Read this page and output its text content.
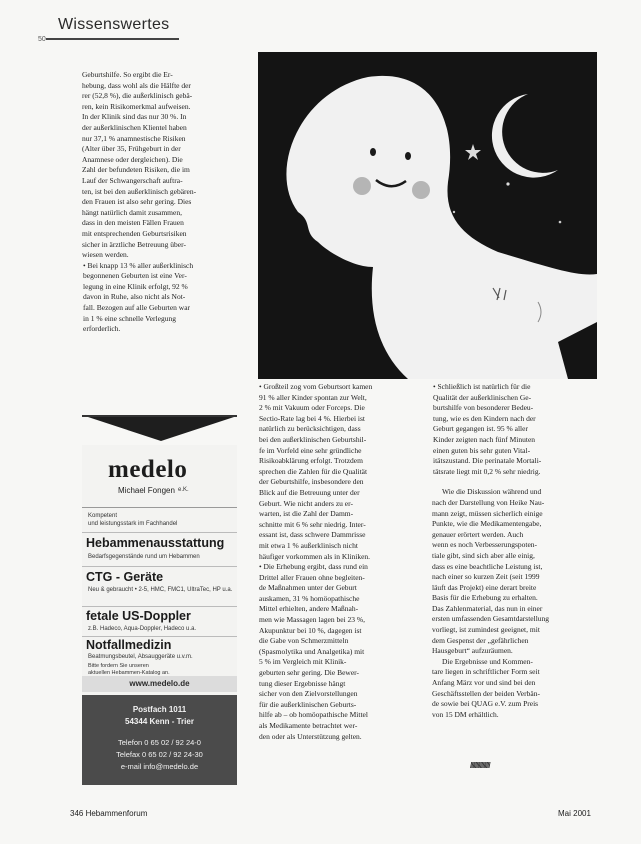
50
Wissenswertes

Geburtshilfe. So ergibt die Er-

hebung, dass wohl als die Hälfte der

rer (52,8 %), die außerklinisch gebä-

ren, kein Risikomerkmal aufweisen.

In der Klinik sind das nur 30 %. In

der außerklinischen Klientel haben

nur 37,1 % anamnestische Risiken

(Alter über 35, Frühgeburt in der

Anamnese oder dergleichen). Die

Zahl der befundeten Risiken, die im

Lauf der Schwangerschaft auftra-

ten, ist bei den außerklinisch gebären-

den Frauen ist also sehr gering. Dies

hängt natürlich damit zusammen,

dass in den meisten Fällen Frauen

mit entsprechenden Geburtsrisiken

sicher in ärztliche Betreuung über-

wiesen werden.

• Bei knapp 13 % aller außerklinisch

begonnenen Geburten ist eine Ver-

legung in eine Klinik erfolgt, 92 %

davon in Ruhe, also nicht als Not-

fall. Bezogen auf alle Geburten war

in 1 % eine schnelle Verlegung

erforderlich.

• Großteil zog vom Geburtsort kamen

91 % aller Kinder spontan zur Welt,

2 % mit Vakuum oder Forceps. Die

Sectio-Rate lag bei 4 %. Hierbei ist

natürlich zu berücksichtigen, dass

bei den außerklinischen Geburtshil-

fe im Vorfeld eine sehr gründliche

Risikoabklärung erfolgt. Trotzdem

sprechen die Zahlen für die Qualität

der Geburtshilfe, insbesondere den

Blick auf die Betreuung unter der

Geburt. Wie nicht anders zu er-

warten, ist die Zahl der Damm-

schnitte mit 6 % sehr niedrig. Inter-

essant ist, dass schwere Dammrisse

mit etwa 1 % außerklinisch nicht

häufiger vorkommen als in Kliniken.

• Die Erhebung ergibt, dass rund ein

Drittel aller Frauen ohne begleiten-

de Maßnahmen unter der Geburt

auskamen, 31 % homöopathische

Mittel erhielten, andere Maßnah-

men wie Massagen lagen bei 23 %,

Akupunktur bei 10 %, dagegen ist

die Gabe von Schmerzmitteln

(Spasmolytika und Analgetika) mit

5 % im Vergleich mit Klinik-

geburten sehr gering. Die Bewer-

tung dieser Ergebnisse hängt

sicher von den Zielvorstellungen

für die außerklinischen Geburts-

hilfe ab – ob homöopathische Mittel

als Medikamente betrachtet wer-

den oder als Unterstützung gelten.

• Schließlich ist natürlich für die

Qualität der außerklinischen Ge-

burtshilfe von besonderer Bedeu-

tung, wie es den Kindern nach der

Geburt gegangen ist. 95 % aller

Kinder zeigten nach fünf Minuten

einen guten bis sehr guten Vital-

itätszustand. Die perinatale Mortali-

tätsrate liegt mit 0,2 % sehr niedrig.

Wie die Diskussion während und

nach der Darstellung von Heike Nau-

mann zeigt, müssen sicherlich einige

Punkte, wie die Medikamentengabe,

genauer erörtert werden. Auch

wenn es noch Verbesserungspoten-

tiale gibt, sind sich aber alle einig,

dass es eine beachtliche Leistung ist,

nach einer so kurzen Zeit (seit 1999

läuft das Projekt) eine derart breite

Basis für die Erhebung zu erhalten.

Das Zahlenmaterial, das nun in einer

ersten umfassenden Gesamtdarstellung

vorliegt, ist zumindest geeignet, mit

dem Gespenst der „gefährlichen

Hausgeburt“ aufzuräumen.

Die Ergebnisse und Kommen-

tare liegen in schriftlicher Form seit

Anfang März vor und sind bei den

Geschäftsstellen der beiden Verbän-

de sowie bei QUAG e.V. zum Preis

von 15 DM erhältlich.

////////////////
medelo
Michael Fongen e.K.
Kompetent
und leistungsstark im Fachhandel
Hebammenausstattung
Bedarfsgegenstände rund um Hebammen
CTG - Geräte
Neu & gebraucht • 2-5, HMC, FMC1, UltraTec, HP u.a.
fetale US-Doppler
z.B. Hadeco, Aqua-Doppler, Hadeco u.a.
Notfallmedizin
Beatmungsbeutel, Absauggeräte u.v.m.
Bitte fordern Sie unseren
aktuellen Hebammen-Katalog an.
www.medelo.de
Postfach 1011
54344 Kenn - Trier
Telefon 0 65 02 / 92 24-0
Telefax 0 65 02 / 92 24-30
e-mail info@medelo.de
346 Hebammenforum	Mai 2001
